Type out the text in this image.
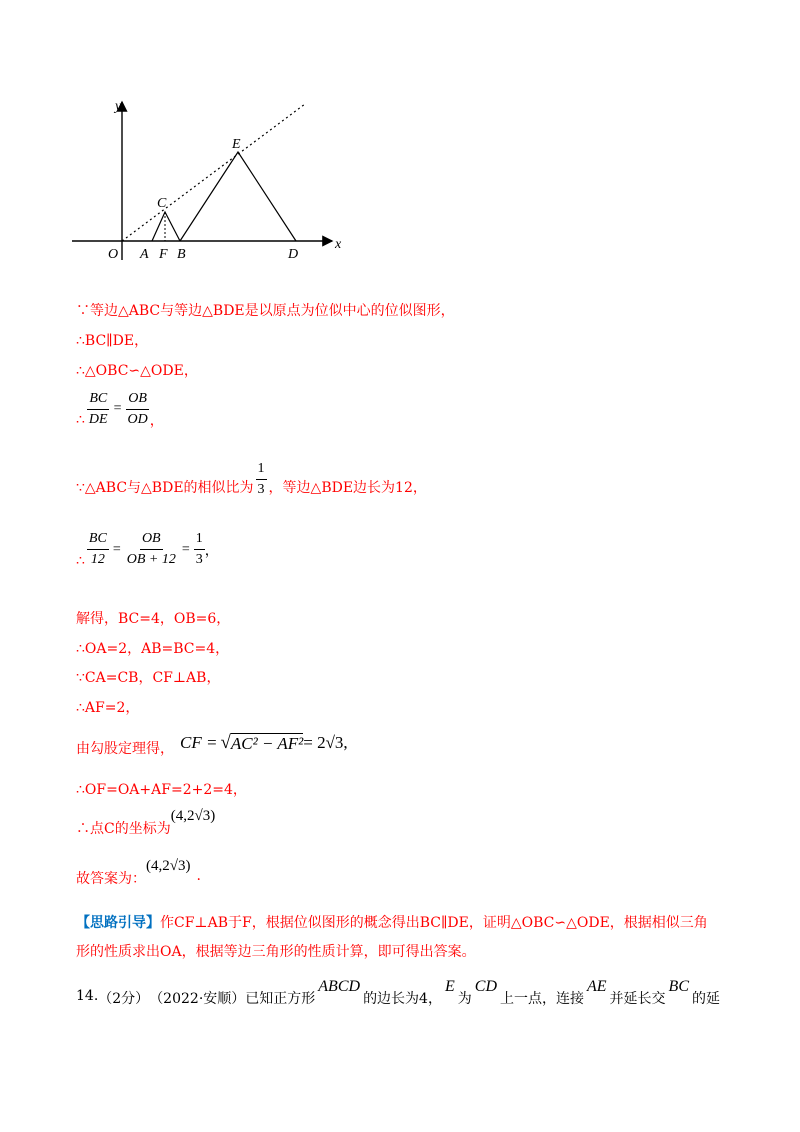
y
x
O A F B
C
E
D
∵等边△ABC与等边△BDE是以原点为位似中心的位似图形，
∴BC∥DE，
∴△OBC∽△ODE，
∴ $\frac{BC}{DE} = \frac{OB}{OD}$ ，
∵△ABC与△BDE的相似比为 $\frac{1}{3}$ ，等边△BDE边长为12，
∴ $\frac{BC}{12} = \frac{OB}{OB + 12} = \frac{1}{3}$ ，
解得，BC=4，OB=6，
∴OA=2，AB=BC=4，
∵CA=CB，CF⊥AB，
∴AF=2，
由勾股定理得， CF = √ AC² − AF² = 2√3,
∴OF=OA+AF=2+2=4，
∴点C的坐标为
(4,2√3)
故答案为：
(4,2√3)
.
【思路引导】作CF⊥AB于F，根据位似图形的概念得出BC∥DE，证明△OBC∽△ODE，根据相似三角
形的性质求出OA，根据等边三角形的性质计算，即可得出答案。
14. （2分） （2022·安顺） 已知正方形
ABCD
的边长为4，
E
为
CD
上一点，连接
AE
并延长交
BC
的延
